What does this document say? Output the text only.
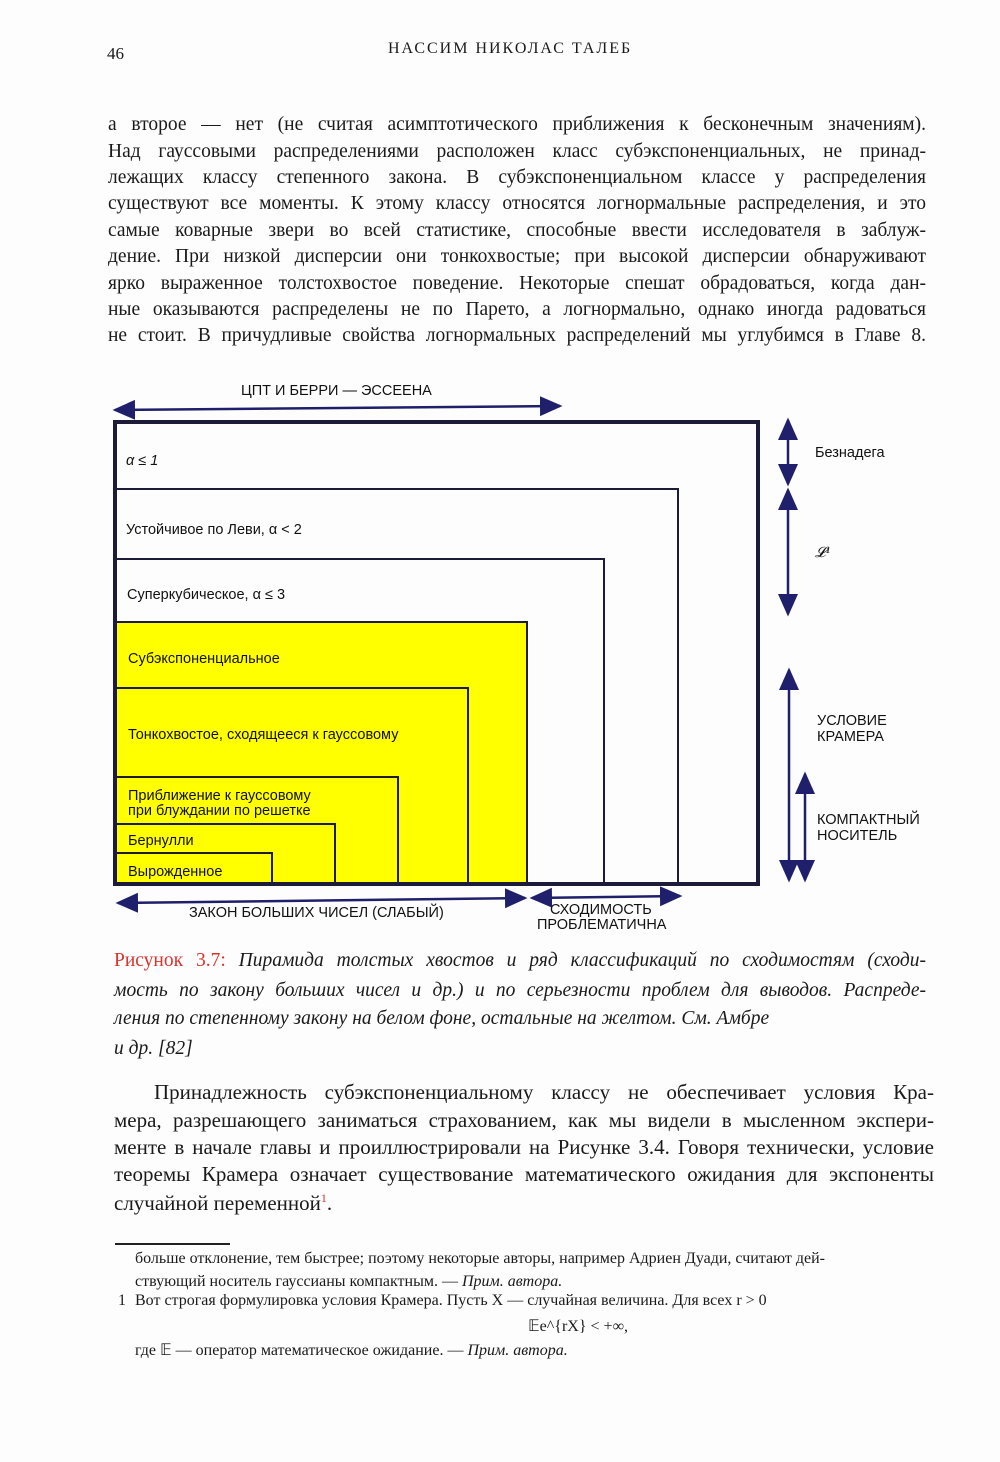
46	НАССИМ НИКОЛАС ТАЛЕБ
а второе — нет (не считая асимптотического приближения к бесконечным значениям).
Над гауссовыми распределениями расположен класс субэкспоненциальных, не принад-
лежащих классу степенного закона. В субэкспоненциальном классе у распределения
существуют все моменты. К этому классу относятся логнормальные распределения, и это
самые коварные звери во всей статистике, способные ввести исследователя в заблуж-
дение. При низкой дисперсии они тонкохвостые; при высокой дисперсии обнаруживают
ярко выраженное толстохвостое поведение. Некоторые спешат обрадоваться, когда дан-
ные оказываются распределены не по Парето, а логнормально, однако иногда радоваться
не стоит. В причудливые свойства логнормальных распределений мы углубимся в Главе 8.
ЦПТ И БЕРРИ — ЭССЕЕНА
α ≤ 1
Устойчивое по Леви, α < 2
Суперкубическое, α ≤ 3
Субэкспоненциальное
Тонкохвостое, сходящееся к гауссовому
Приближение к гауссовому
при блуждании по решетке
Бернулли
Вырожденное
Безнадега
𝓛¹
УСЛОВИЕ
КРАМЕРА
КОМПАКТНЫЙ
НОСИТЕЛЬ
ЗАКОН БОЛЬШИХ ЧИСЕЛ (СЛАБЫЙ)	СХОДИМОСТЬ
ПРОБЛЕМАТИЧНА
Рисунок 3.7: Пирамида толстых хвостов и ряд классификаций по сходимостям (сходи-
мость по закону больших чисел и др.) и по серьезности проблем для выводов. Распреде-
ления по степенному закону на белом фоне, остальные на желтом. См. Амбре
и др. [82]
Принадлежность субэкспоненциальному классу не обеспечивает условия Кра-
мера, разрешающего заниматься страхованием, как мы видели в мысленном экспери-
менте в начале главы и проиллюстрировали на Рисунке 3.4. Говоря технически, условие
теоремы Крамера означает существование математического ожидания для экспоненты
случайной переменной$^1$.
больше отклонение, тем быстрее; поэтому некоторые авторы, например Адриен Дуади, считают дей-
ствующий носитель гауссианы компактным. — Прим. автора.
1 Вот строгая формулировка условия Крамера. Пусть X — случайная величина. Для всех r > 0
𝔼e^{rX} < +∞,
где 𝔼 — оператор математическое ожидание. — Прим. автора.
